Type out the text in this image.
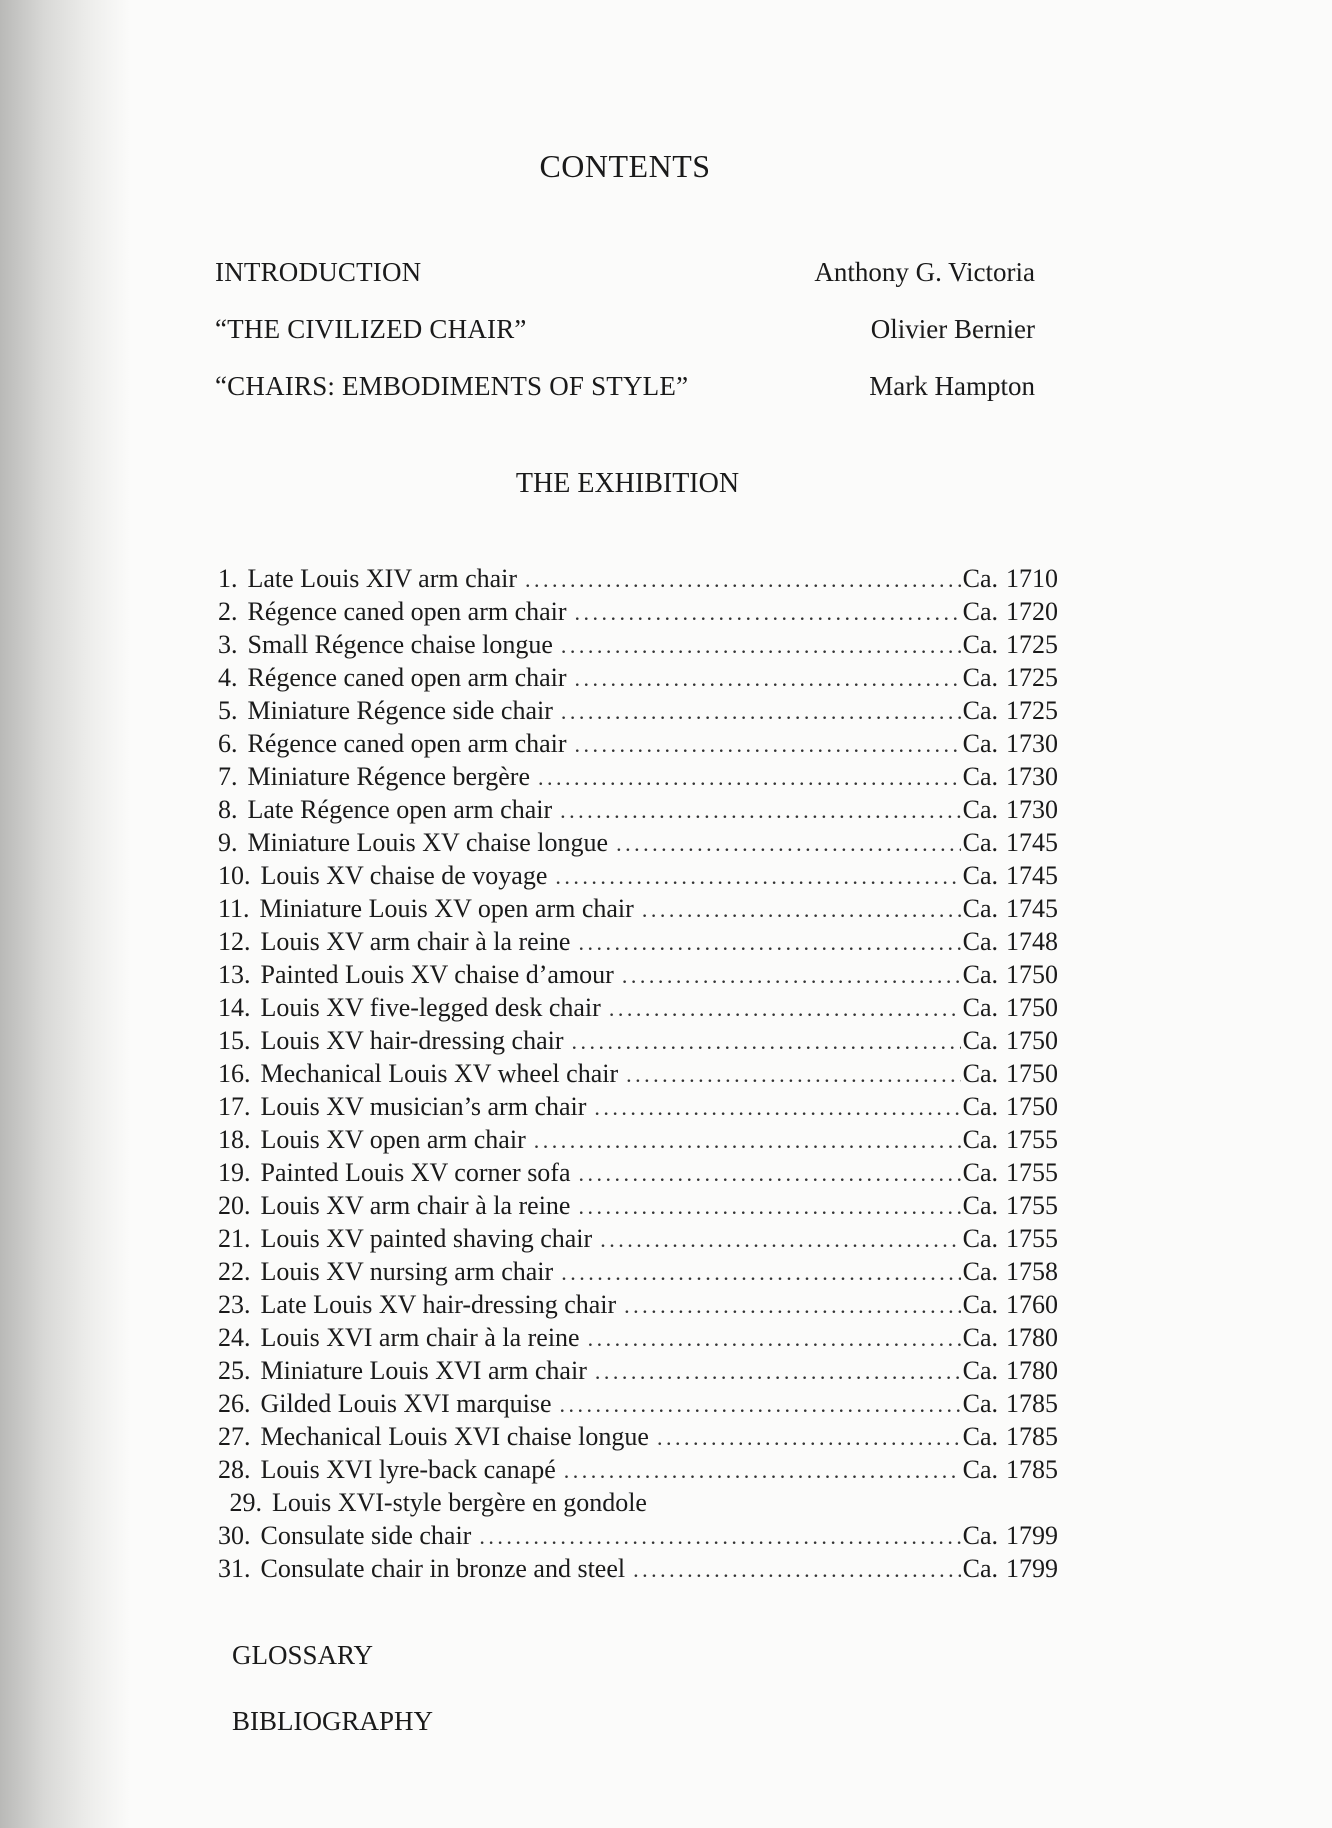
CONTENTS
INTRODUCTION	Anthony G. Victoria
“THE CIVILIZED CHAIR”	Olivier Bernier
“CHAIRS: EMBODIMENTS OF STYLE”	Mark Hampton
THE EXHIBITION
1. Late Louis XIV arm chair .....	Ca. 1710
2. Régence caned open arm chair .....	Ca. 1720
3. Small Régence chaise longue .....	Ca. 1725
4. Régence caned open arm chair .....	Ca. 1725
5. Miniature Régence side chair .....	Ca. 1725
6. Régence caned open arm chair .....	Ca. 1730
7. Miniature Régence bergère .....	Ca. 1730
8. Late Régence open arm chair .....	Ca. 1730
9. Miniature Louis XV chaise longue .....	Ca. 1745
10. Louis XV chaise de voyage .....	Ca. 1745
11. Miniature Louis XV open arm chair .....	Ca. 1745
12. Louis XV arm chair à la reine .....	Ca. 1748
13. Painted Louis XV chaise d’amour .....	Ca. 1750
14. Louis XV five-legged desk chair .....	Ca. 1750
15. Louis XV hair-dressing chair .....	Ca. 1750
16. Mechanical Louis XV wheel chair .....	Ca. 1750
17. Louis XV musician’s arm chair .....	Ca. 1750
18. Louis XV open arm chair .....	Ca. 1755
19. Painted Louis XV corner sofa .....	Ca. 1755
20. Louis XV arm chair à la reine .....	Ca. 1755
21. Louis XV painted shaving chair .....	Ca. 1755
22. Louis XV nursing arm chair .....	Ca. 1758
23. Late Louis XV hair-dressing chair .....	Ca. 1760
24. Louis XVI arm chair à la reine .....	Ca. 1780
25. Miniature Louis XVI arm chair .....	Ca. 1780
26. Gilded Louis XVI marquise .....	Ca. 1785
27. Mechanical Louis XVI chaise longue .....	Ca. 1785
28. Louis XVI lyre-back canapé .....	Ca. 1785
29. Louis XVI-style bergère en gondole
30. Consulate side chair .....	Ca. 1799
31. Consulate chair in bronze and steel .....	Ca. 1799
GLOSSARY
BIBLIOGRAPHY
